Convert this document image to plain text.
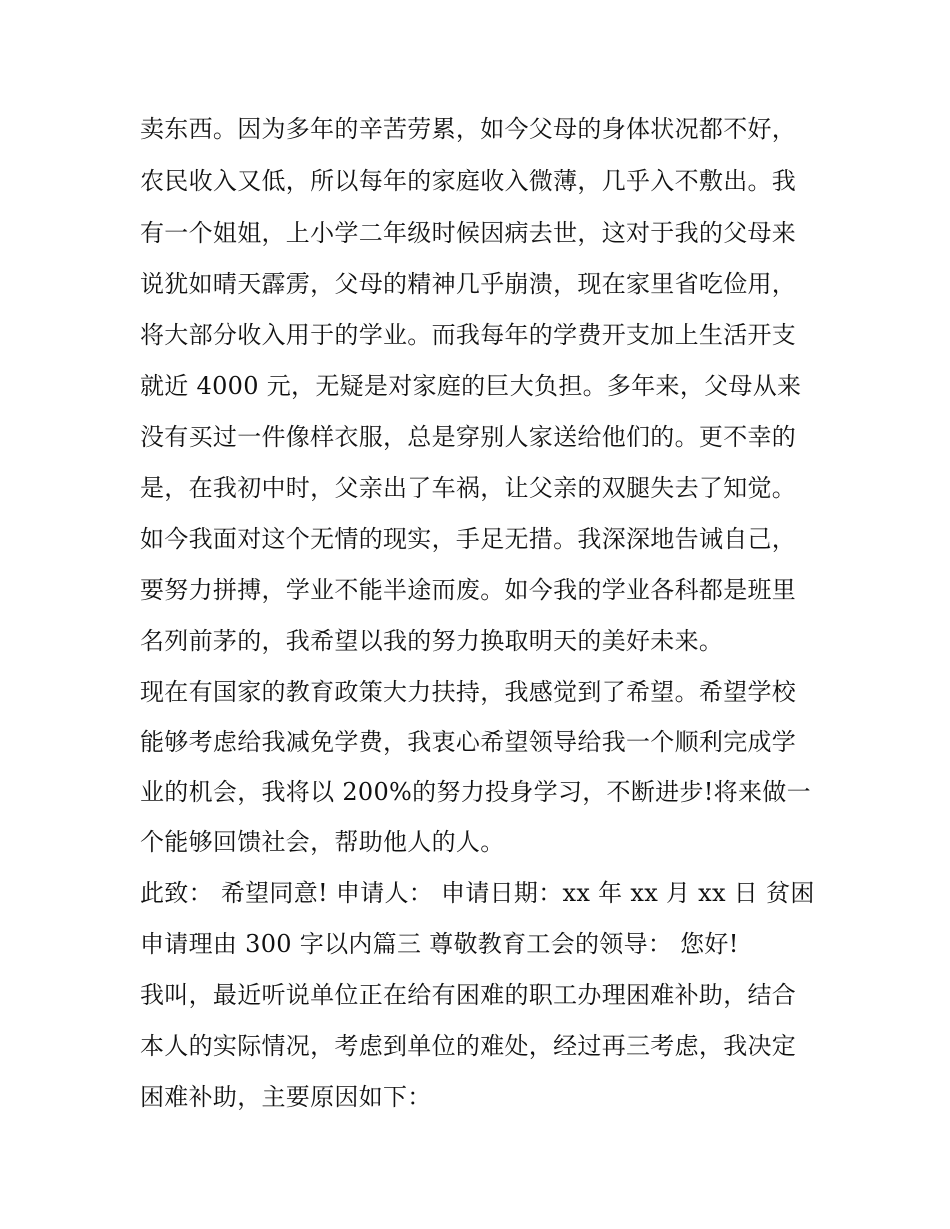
卖东西。因为多年的辛苦劳累，如今父母的身体状况都不好，
农民收入又低，所以每年的家庭收入微薄，几乎入不敷出。我
有一个姐姐，上小学二年级时候因病去世，这对于我的父母来
说犹如晴天霹雳，父母的精神几乎崩溃，现在家里省吃俭用，
将大部分收入用于的学业。而我每年的学费开支加上生活开支
就近 4000 元，无疑是对家庭的巨大负担。多年来，父母从来
没有买过一件像样衣服，总是穿别人家送给他们的。更不幸的
是，在我初中时，父亲出了车祸，让父亲的双腿失去了知觉。
如今我面对这个无情的现实，手足无措。我深深地告诫自己，
要努力拼搏，学业不能半途而废。如今我的学业各科都是班里
名列前茅的，我希望以我的努力换取明天的美好未来。
现在有国家的教育政策大力扶持，我感觉到了希望。希望学校
能够考虑给我减免学费，我衷心希望领导给我一个顺利完成学
业的机会，我将以 200%的努力投身学习，不断进步!将来做一
个能够回馈社会，帮助他人的人。
此致： 希望同意! 申请人： 申请日期：xx 年 xx 月 xx 日 贫困
申请理由 300 字以内篇三 尊敬教育工会的领导： 您好!
我叫，最近听说单位正在给有困难的职工办理困难补助，结合
本人的实际情况，考虑到单位的难处，经过再三考虑，我决定
困难补助，主要原因如下：
